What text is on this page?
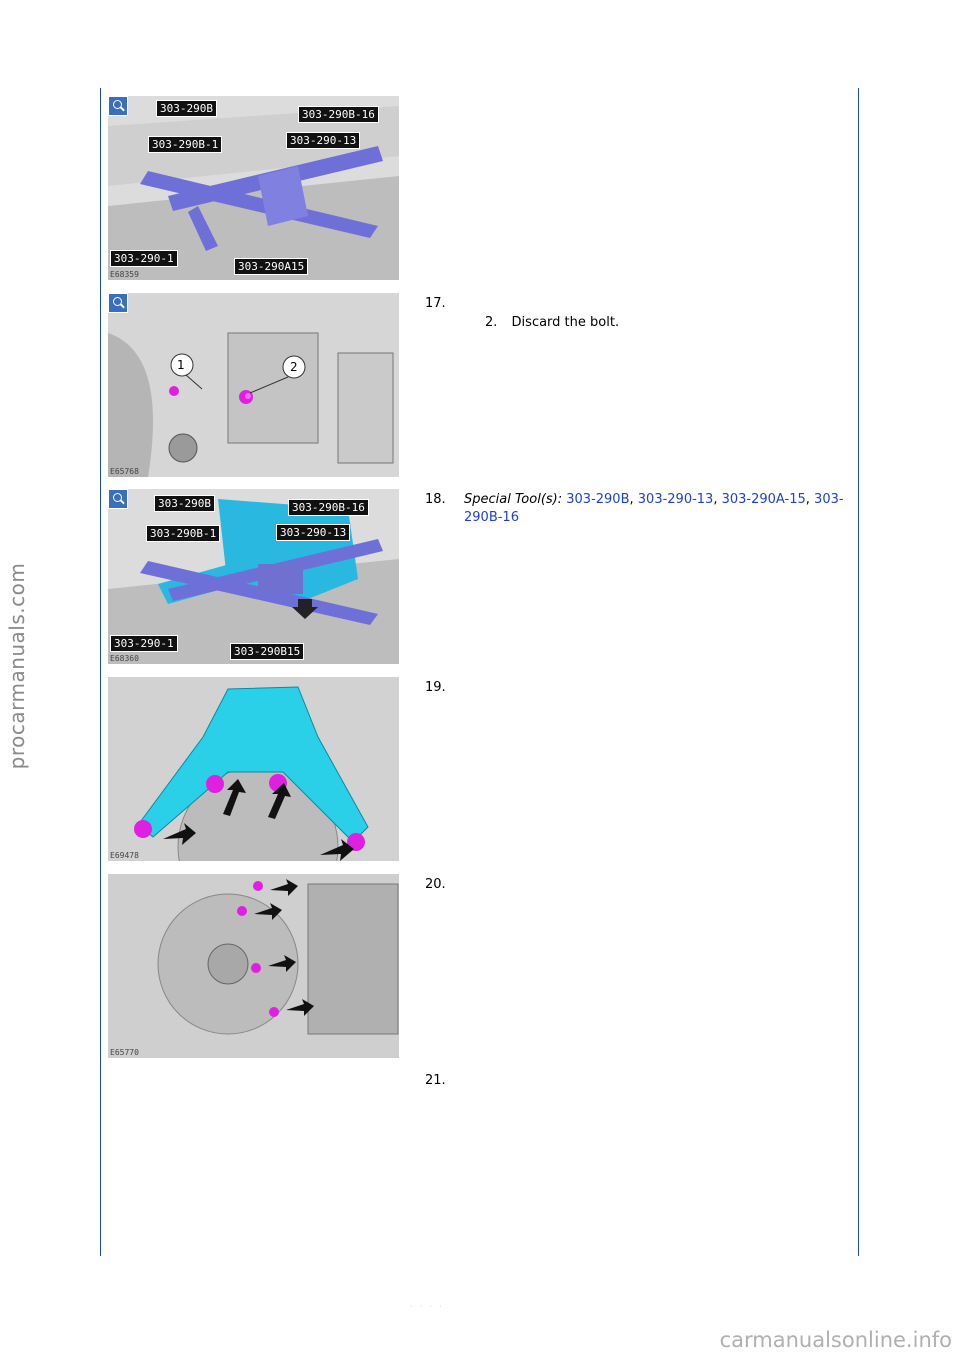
procarmanuals.com
carmanualsonline.info
· · · ·
303-290B	303-290B-16
303-290B-1	303-290-13
303-290-1
303-290A15
E68359
1	2
E65768
303-290B	303-290B-16
303-290B-1	303-290-13
303-290-1
303-290B15
E68360
E69478
E65770
17.
2. Discard the bolt.
18. Special Tool(s): 303-290B, 303-290-13, 303-290A-15, 303-290B-16
19.
20.
21.
